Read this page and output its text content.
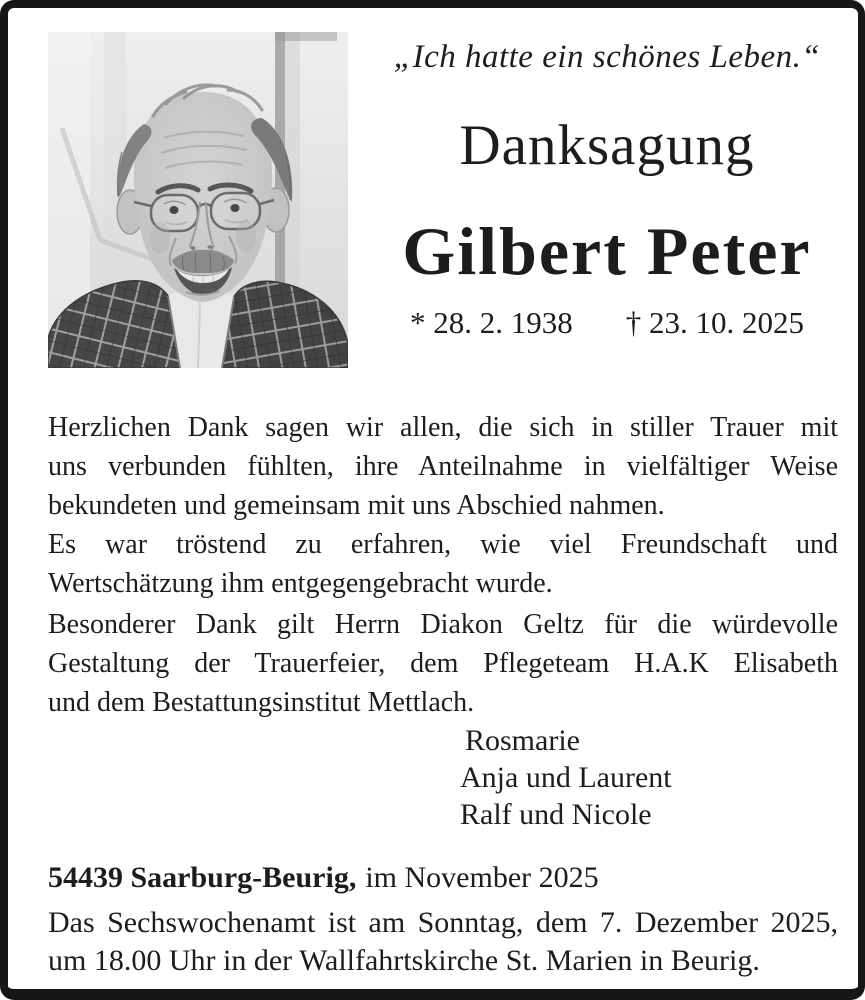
„Ich hatte ein schönes Leben.“
Danksagung
Gilbert Peter
* 28. 2. 1938 † 23. 10. 2025

Herzlichen Dank sagen wir allen, die sich in stiller Trauer mit
uns verbunden fühlten, ihre Anteilnahme in vielfältiger Weise
bekundeten und gemeinsam mit uns Abschied nahmen.

Es war tröstend zu erfahren, wie viel Freundschaft und
Wertschätzung ihm entgegengebracht wurde.

Besonderer Dank gilt Herrn Diakon Geltz für die würdevolle
Gestaltung der Trauerfeier, dem Pflegeteam H.A.K Elisabeth
und dem Bestattungsinstitut Mettlach.

Rosmarie
Anja und Laurent
Ralf und Nicole
54439 Saarburg-Beurig, im November 2025
Das Sechswochenamt ist am Sonntag, dem 7. Dezember 2025,
um 18.00 Uhr in der Wallfahrtskirche St. Marien in Beurig.
